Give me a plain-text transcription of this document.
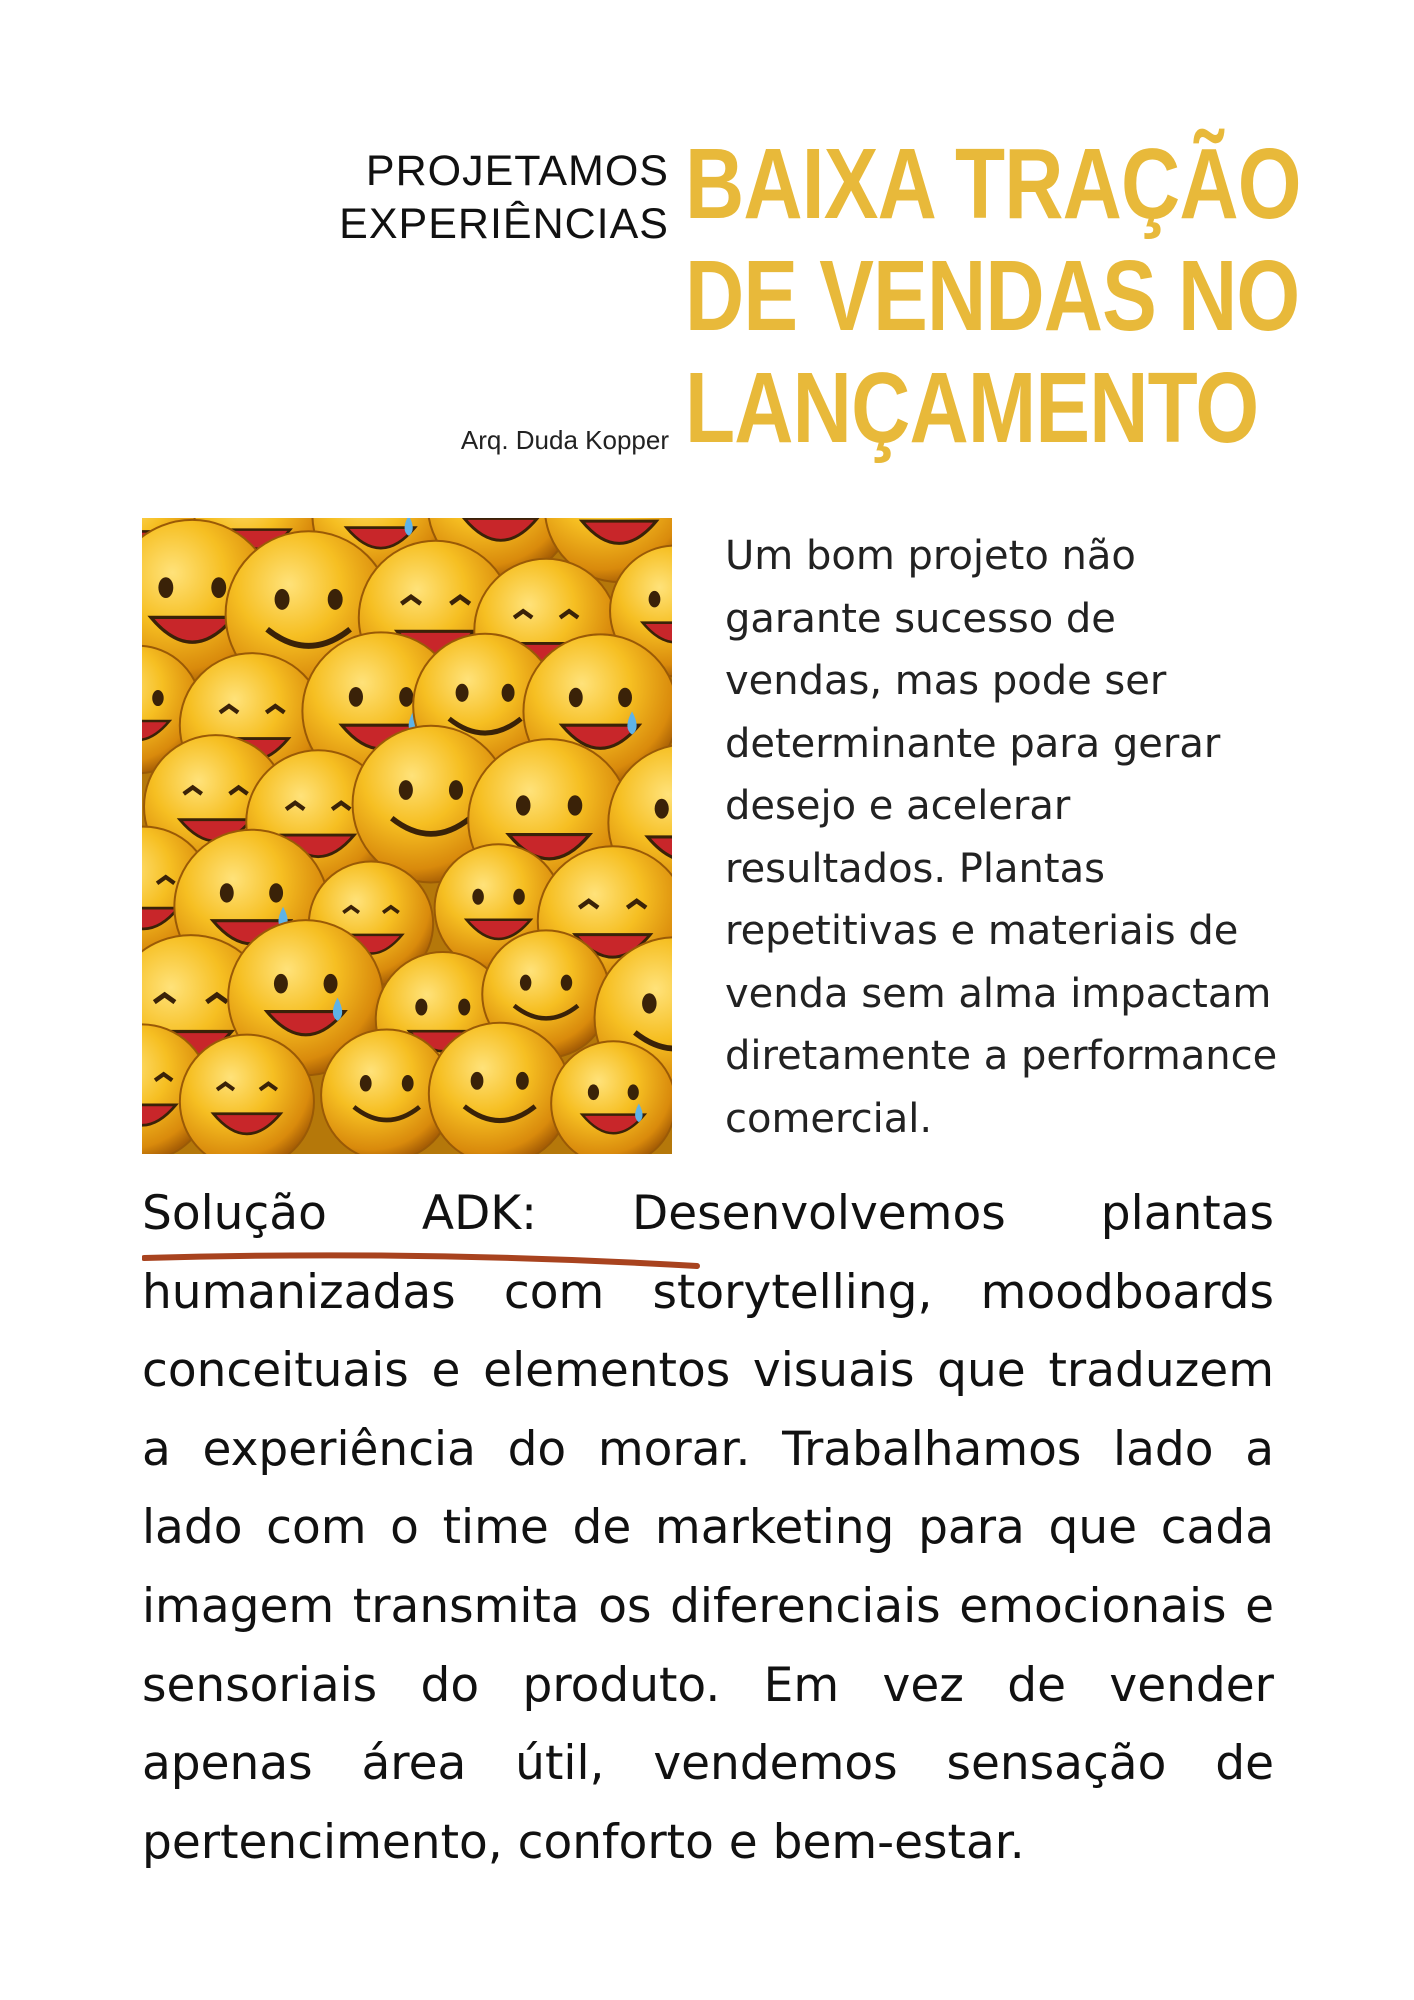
PROJETAMOS
EXPERIÊNCIAS
Arq. Duda Kopper
BAIXA TRAÇÃO
DE VENDAS NO
LANÇAMENTO
Um bom projeto não garante sucesso de vendas, mas pode ser determinante para gerar desejo e acelerar resultados. Plantas repetitivas e materiais de venda sem alma impactam diretamente a performance comercial.
Solução ADK: Desenvolvemos plantas humanizadas com storytelling, moodboards conceituais e elementos visuais que traduzem a experiência do morar. Trabalhamos lado a lado com o time de marketing para que cada imagem transmita os diferenciais emocionais e sensoriais do produto. Em vez de vender apenas área útil, vendemos sensação de pertencimento, conforto e bem-estar.
